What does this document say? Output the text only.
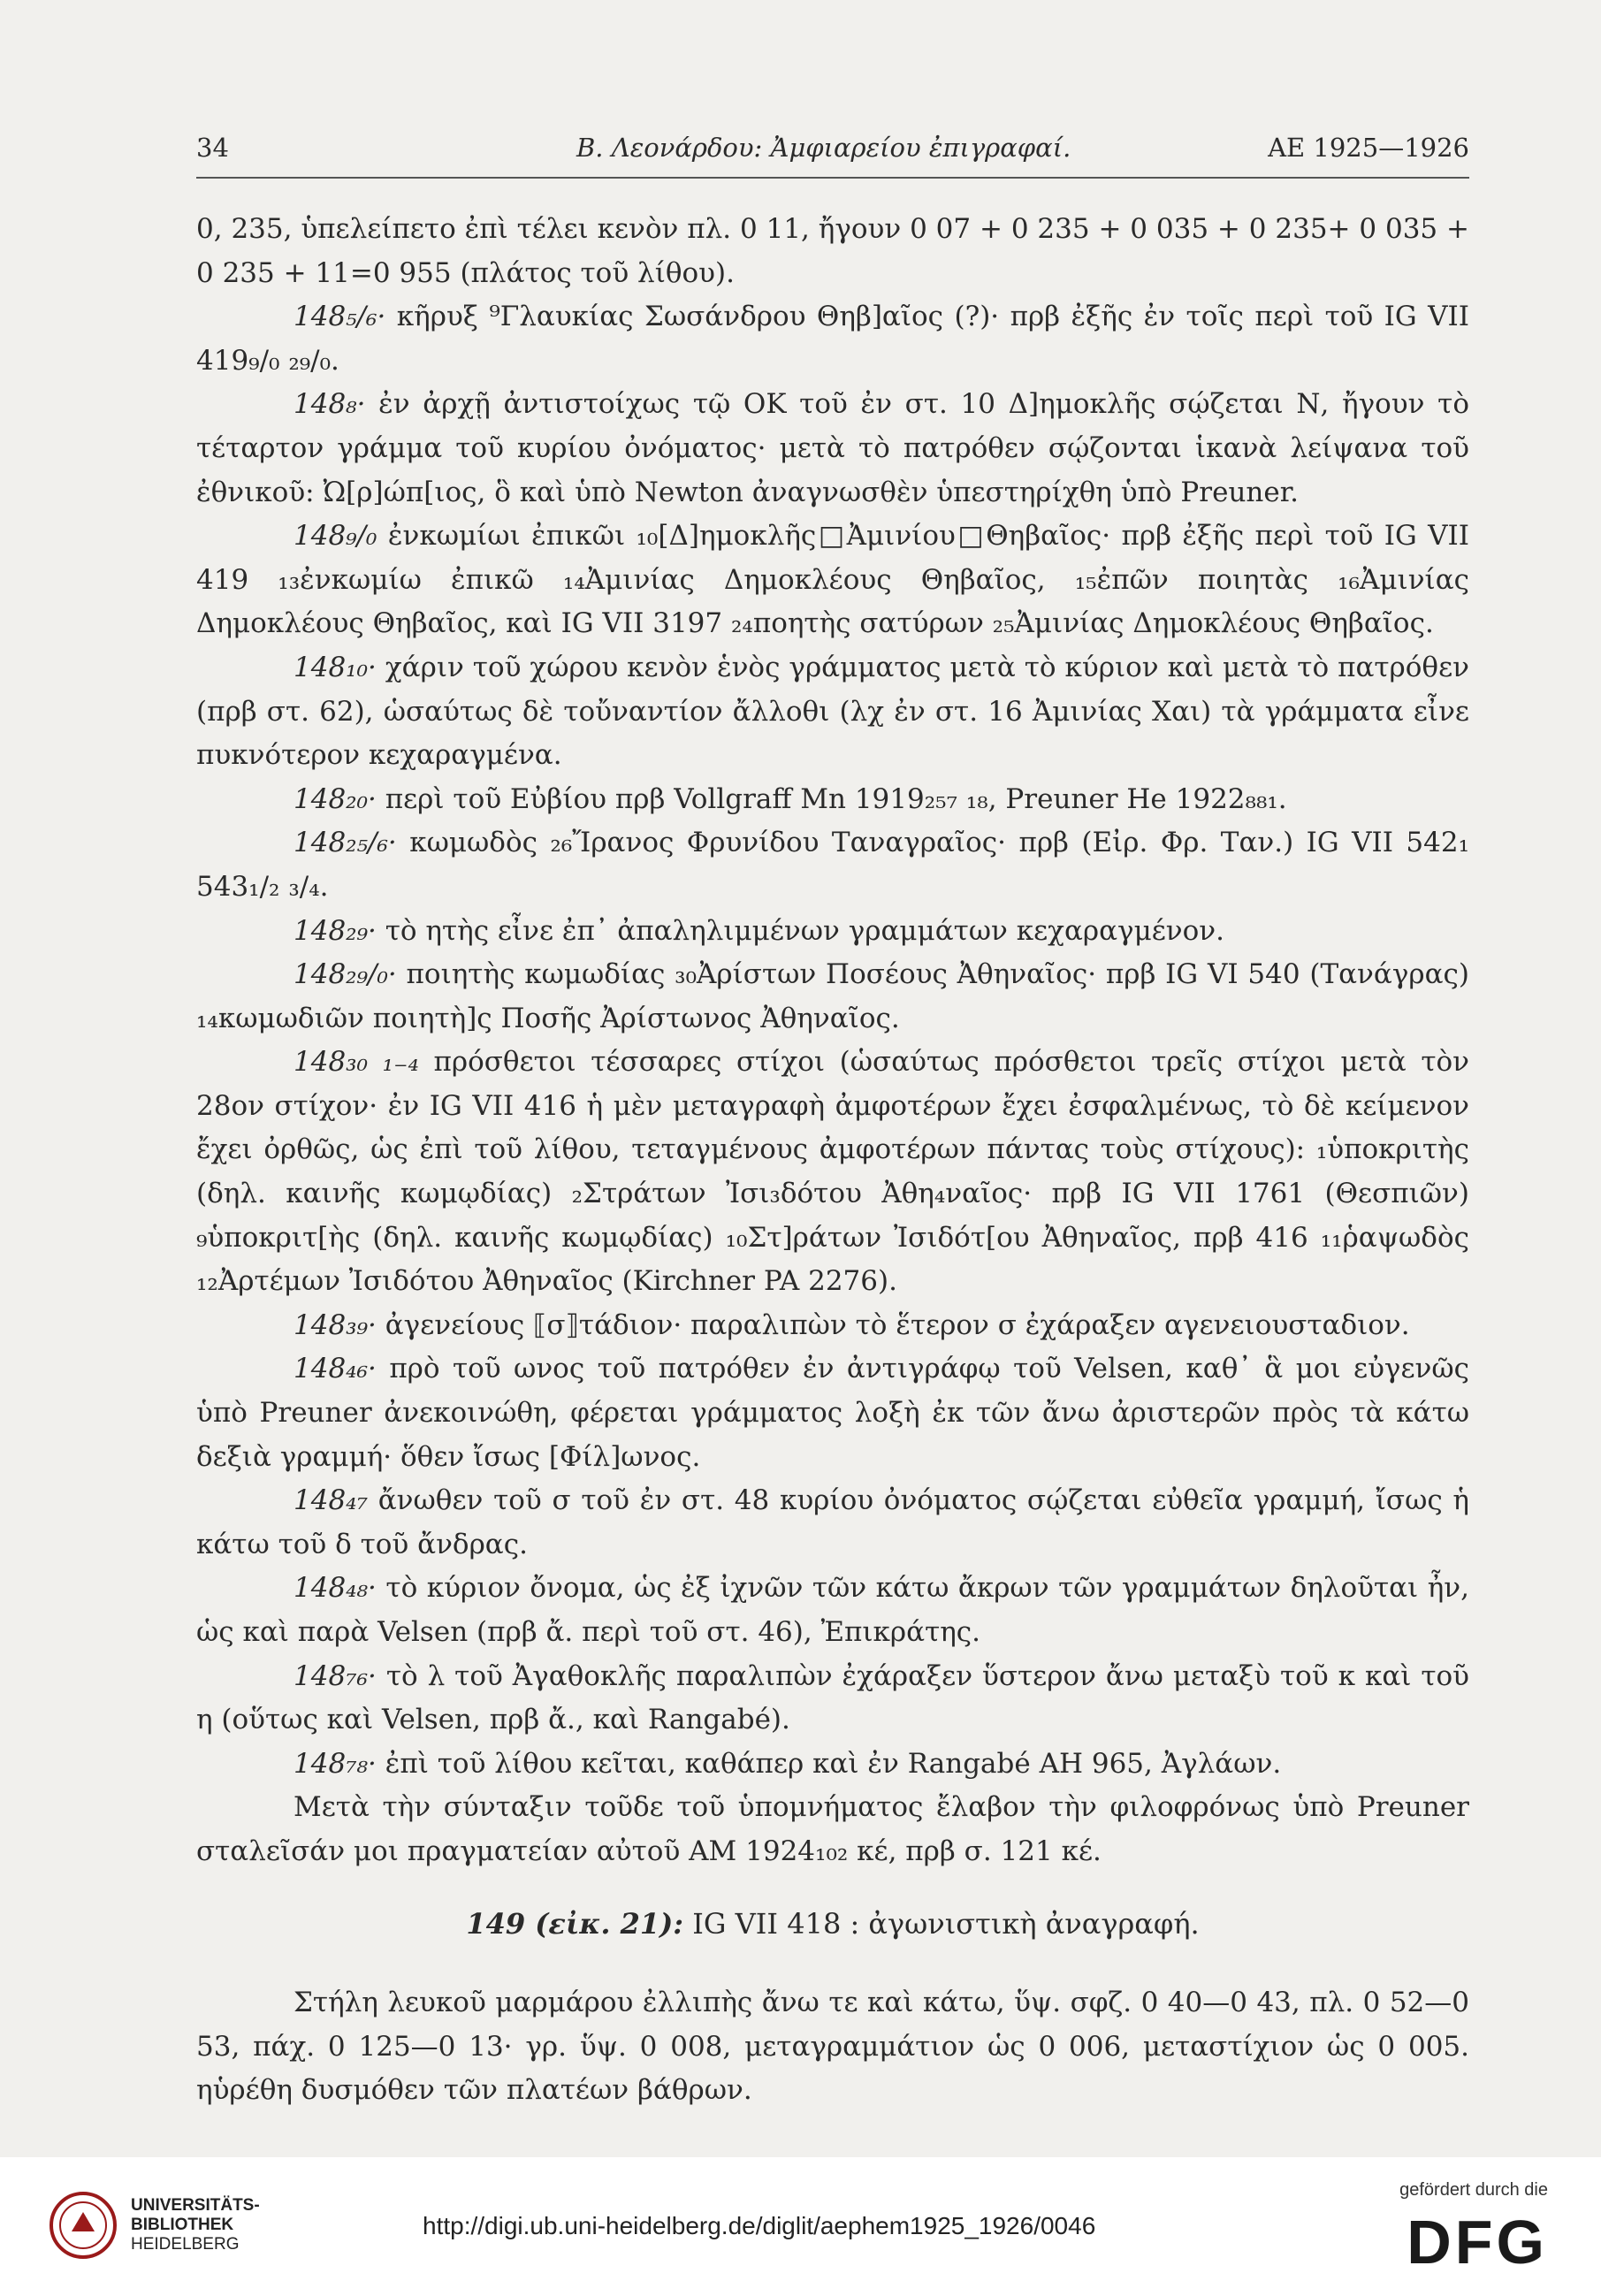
34	Β. Λεονάρδου: Ἀμφιαρείου ἐπιγραφαί.	ΑΕ 1925—1926

0, 235, ὑπελείπετο ἐπὶ τέλει κενὸν πλ. 0 11, ἤγουν 0 07 + 0 235 + 0 035 + 0 235+ 0 035 + 0 235 + 11=0 955 (πλάτος τοῦ λίθου).

148₅/₆· κῆρυξ ⁹Γλαυκίας Σωσάνδρου Θηβ]αῖος (?)· πρβ ἐξῆς ἐν τοῖς περὶ τοῦ IG VII 419₉/₀ ₂₉/₀.

148₈· ἐν ἀρχῇ ἀντιστοίχως τῷ ΟΚ τοῦ ἐν στ. 10 Δ]ημοκλῆς σῴζεται Ν, ἤγουν τὸ τέταρτον γράμμα τοῦ κυρίου ὀνόματος· μετὰ τὸ πατρόθεν σῴζονται ἱκανὰ λείψανα τοῦ ἐθνικοῦ: Ὠ[ρ]ώπ[ιος, ὃ καὶ ὑπὸ Newton ἀναγνωσθὲν ὑπεστηρίχθη ὑπὸ Preuner.

148₉/₀ ἐνκωμίωι ἐπικῶι ₁₀[Δ]ημοκλῆς□Ἀμινίου□Θηβαῖος· πρβ ἐξῆς περὶ τοῦ IG VII 419 ₁₃ἐνκωμίω ἐπικῶ ₁₄Ἀμινίας Δημοκλέους Θηβαῖος, ₁₅ἐπῶν ποιητὰς ₁₆Ἀμινίας Δημοκλέους Θηβαῖος, καὶ IG VII 3197 ₂₄ποητὴς σατύρων ₂₅Ἀμινίας Δημοκλέους Θηβαῖος.

148₁₀· χάριν τοῦ χώρου κενὸν ἑνὸς γράμματος μετὰ τὸ κύριον καὶ μετὰ τὸ πατρόθεν (πρβ στ. 62), ὡσαύτως δὲ τοὔναντίον ἄλλοθι (λχ ἐν στ. 16 Ἀμινίας Χαι) τὰ γράμματα εἶνε πυκνότερον κεχαραγμένα.

148₂₀· περὶ τοῦ Εὐβίου πρβ Vollgraff Mn 1919₂₅₇ ₁₈, Preuner He 1922₈₈₁.

148₂₅/₆· κωμωδὸς ₂₆Ἴρανος Φρυνίδου Ταναγραῖος· πρβ (Εἰρ. Φρ. Ταν.) IG VII 542₁ 543₁/₂ ₃/₄.

148₂₉· τὸ ητὴς εἶνε ἐπ᾽ ἀπαληλιμμένων γραμμάτων κεχαραγμένον.

148₂₉/₀· ποιητὴς κωμωδίας ₃₀Ἀρίστων Ποσέους Ἀθηναῖος· πρβ IG VI 540 (Τανάγρας) ₁₄κωμωδιῶν ποιητὴ]ς Ποσῆς Ἀρίστωνος Ἀθηναῖος.

148₃₀ ₁₋₄ πρόσθετοι τέσσαρες στίχοι (ὡσαύτως πρόσθετοι τρεῖς στίχοι μετὰ τὸν 28ον στίχον· ἐν IG VII 416 ἡ μὲν μεταγραφὴ ἀμφοτέρων ἔχει ἐσφαλμένως, τὸ δὲ κείμενον ἔχει ὀρθῶς, ὡς ἐπὶ τοῦ λίθου, τεταγμένους ἀμφοτέρων πάντας τοὺς στίχους): ₁ὑποκριτὴς (δηλ. καινῆς κωμῳδίας) ₂Στράτων Ἰσι₃δότου Ἀθη₄ναῖος· πρβ IG VII 1761 (Θεσπιῶν) ₉ὑποκριτ[ὴς (δηλ. καινῆς κωμῳδίας) ₁₀Στ]ράτων Ἰσιδότ[ου Ἀθηναῖος, πρβ 416 ₁₁ῥαψωδὸς ₁₂Ἀρτέμων Ἰσιδότου Ἀθηναῖος (Kirchner PA 2276).

148₃₉· ἀγενείους ⟦σ⟧τάδιον· παραλιπὼν τὸ ἕτερον σ ἐχάραξεν αγενειουσταδιον.

148₄₆· πρὸ τοῦ ωνος τοῦ πατρόθεν ἐν ἀντιγράφῳ τοῦ Velsen, καθ᾽ ἃ μοι εὐγενῶς ὑπὸ Preuner ἀνεκοινώθη, φέρεται γράμματος λοξὴ ἐκ τῶν ἄνω ἀριστερῶν πρὸς τὰ κάτω δεξιὰ γραμμή· ὅθεν ἴσως [Φίλ]ωνος.

148₄₇ ἄνωθεν τοῦ σ τοῦ ἐν στ. 48 κυρίου ὀνόματος σῴζεται εὐθεῖα γραμμή, ἴσως ἡ κάτω τοῦ δ τοῦ ἄνδρας.

148₄₈· τὸ κύριον ὄνομα, ὡς ἐξ ἰχνῶν τῶν κάτω ἄκρων τῶν γραμμάτων δηλοῦται ἦν, ὡς καὶ παρὰ Velsen (πρβ ἄ. περὶ τοῦ στ. 46), Ἐπικράτης.

148₇₆· τὸ λ τοῦ Ἀγαθοκλῆς παραλιπὼν ἐχάραξεν ὕστερον ἄνω μεταξὺ τοῦ κ καὶ τοῦ η (οὕτως καὶ Velsen, πρβ ἄ., καὶ Rangabé).

148₇₈· ἐπὶ τοῦ λίθου κεῖται, καθάπερ καὶ ἐν Rangabé AH 965, Ἀγλάων.

Μετὰ τὴν σύνταξιν τοῦδε τοῦ ὑπομνήματος ἔλαβον τὴν φιλοφρόνως ὑπὸ Preuner σταλεῖσάν μοι πραγματείαν αὐτοῦ ΑΜ 1924₁₀₂ κέ, πρβ σ. 121 κέ.

149 (εἰκ. 21): IG VII 418 : ἀγωνιστικὴ ἀναγραφή.

Στήλη λευκοῦ μαρμάρου ἐλλιπὴς ἄνω τε καὶ κάτω, ὕψ. σφζ. 0 40—0 43, πλ. 0 52—0 53, πάχ. 0 125—0 13· γρ. ὕψ. 0 008, μεταγραμμάτιον ὡς 0 006, μεταστίχιον ὡς 0 005. ηὑρέθη δυσμόθεν τῶν πλατέων βάθρων.

UNIVERSITÄTS-
BIBLIOTHEK
HEIDELBERG
http://digi.ub.uni-heidelberg.de/diglit/aephem1925_1926/0046
gefördert durch die
DFG
